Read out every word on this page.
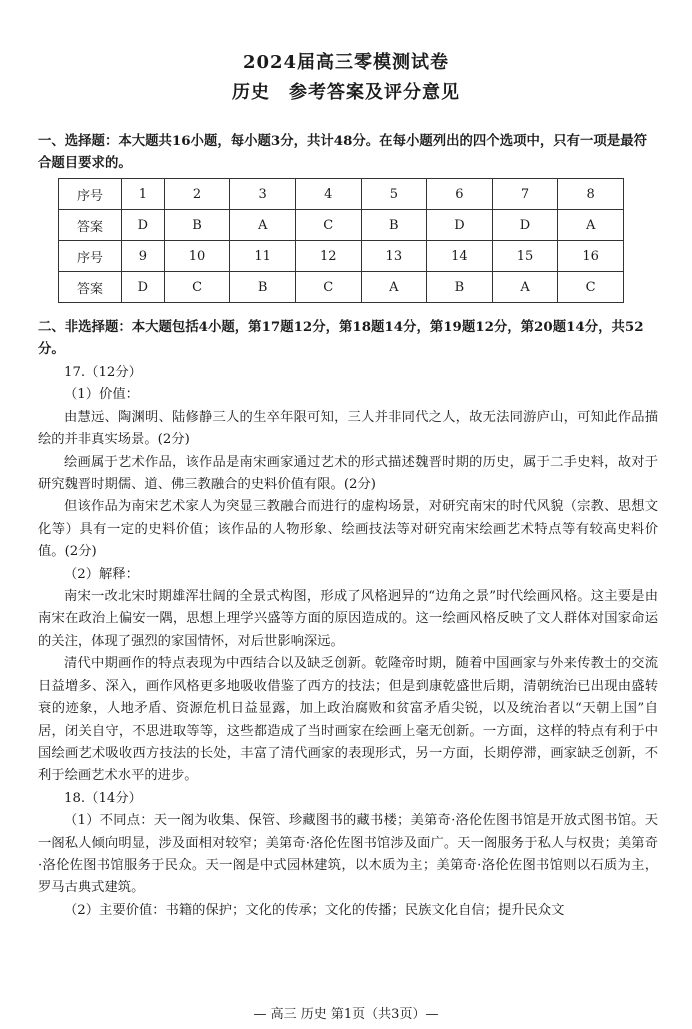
2024届高三零模测试卷
历史　参考答案及评分意见
一、选择题：本大题共16小题，每小题3分，共计48分。在每小题列出的四个选项中，只有一项是最符合题目要求的。
序号	1	2	3	4	5	6	7	8
答案	D	B	A	C	B	D	D	A
序号	9	10	11	12	13	14	15	16
答案	D	C	B	C	A	B	A	C
二、非选择题：本大题包括4小题，第17题12分，第18题14分，第19题12分，第20题14分，共52分。

17.（12分）

（1）价值：

由慧远、陶渊明、陆修静三人的生卒年限可知，三人并非同代之人，故无法同游庐山，可知此作品描绘的并非真实场景。(2分)

绘画属于艺术作品，该作品是南宋画家通过艺术的形式描述魏晋时期的历史，属于二手史料，故对于研究魏晋时期儒、道、佛三教融合的史料价值有限。(2分)

但该作品为南宋艺术家人为突显三教融合而进行的虚构场景，对研究南宋的时代风貌（宗教、思想文化等）具有一定的史料价值；该作品的人物形象、绘画技法等对研究南宋绘画艺术特点等有较高史料价值。(2分)

（2）解释：

南宋一改北宋时期雄浑壮阔的全景式构图，形成了风格迥异的“边角之景”时代绘画风格。这主要是由南宋在政治上偏安一隅，思想上理学兴盛等方面的原因造成的。这一绘画风格反映了文人群体对国家命运的关注，体现了强烈的家国情怀，对后世影响深远。

清代中期画作的特点表现为中西结合以及缺乏创新。乾隆帝时期，随着中国画家与外来传教士的交流日益增多、深入，画作风格更多地吸收借鉴了西方的技法；但是到康乾盛世后期，清朝统治已出现由盛转衰的迹象，人地矛盾、资源危机日益显露，加上政治腐败和贫富矛盾尖锐，以及统治者以“天朝上国”自居，闭关自守，不思进取等等，这些都造成了当时画家在绘画上毫无创新。一方面，这样的特点有利于中国绘画艺术吸收西方技法的长处，丰富了清代画家的表现形式，另一方面，长期停滞，画家缺乏创新，不利于绘画艺术水平的进步。

18.（14分）

（1）不同点：天一阁为收集、保管、珍藏图书的藏书楼；美第奇·洛伦佐图书馆是开放式图书馆。天一阁私人倾向明显，涉及面相对较窄；美第奇·洛伦佐图书馆涉及面广。天一阁服务于私人与权贵；美第奇·洛伦佐图书馆服务于民众。天一阁是中式园林建筑，以木质为主；美第奇·洛伦佐图书馆则以石质为主，罗马古典式建筑。

（2）主要价值：书籍的保护；文化的传承；文化的传播；民族文化自信；提升民众文

— 高三 历史 第1页（共3页）—
